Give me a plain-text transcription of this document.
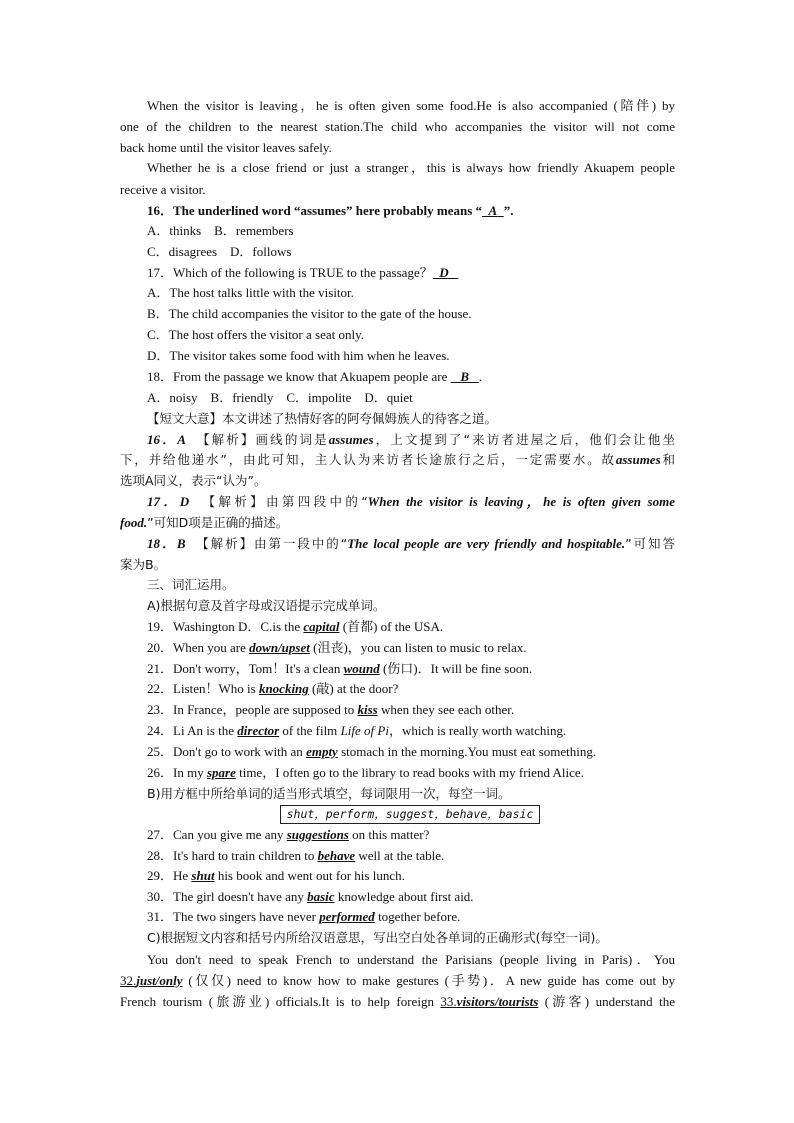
When the visitor is leaving，he is often given some food.He is also accompanied (陪伴) by
one of the children to the nearest station.The child who accompanies the visitor will not come
back home until the visitor leaves safely.
Whether he is a close friend or just a stranger，this is always how friendly Akuapem people
receive a visitor.
16．The underlined word “assumes” here probably means “ A ”.
A．thinks　B．remembers
C．disagrees　D．follows
17．Which of the following is TRUE to the passage？ D
A．The host talks little with the visitor.
B．The child accompanies the visitor to the gate of the house.
C．The host offers the visitor a seat only.
D．The visitor takes some food with him when he leaves.
18．From the passage we know that Akuapem people are B .
A．noisy　B．friendly　C．impolite　D．quiet
【短文大意】本文讲述了热情好客的阿夸佩姆族人的待客之道。
16．A　 【解析】画线的词是assumes，上文提到了“来访者进屋之后，他们会让他坐
下，并给他递水”，由此可知，主人认为来访者长途旅行之后，一定需要水。故assumes和
选项A同义，表示“认为”。
17．D　 【解析】由第四段中的“When the visitor is leaving，he is often given some
food.”可知D项是正确的描述。
18．B　 【解析】由第一段中的“The local people are very friendly and hospitable.”可知答
案为B。
三、词汇运用。
A)根据句意及首字母或汉语提示完成单词。
19．Washington D．C.is the capital (首都) of the USA.
20．When you are down/upset (沮丧)，you can listen to music to relax.
21．Don't worry，Tom！It's a clean wound (伤口)．It will be fine soon.
22．Listen！Who is knocking (敲) at the door?
23．In France，people are supposed to kiss when they see each other.
24．Li An is the director of the film Life of Pi，which is really worth watching.
25．Don't go to work with an empty stomach in the morning.You must eat something.
26．In my spare time，I often go to the library to read books with my friend Alice.
B)用方框中所给单词的适当形式填空，每词限用一次，每空一词。
shut，perform，suggest，behave，basic
27．Can you give me any suggestions on this matter?
28．It's hard to train children to behave well at the table.
29．He shut his book and went out for his lunch.
30．The girl doesn't have any basic knowledge about first aid.
31．The two singers have never performed together before.
C)根据短文内容和括号内所给汉语意思，写出空白处各单词的正确形式(每空一词)。
You don't need to speak French to understand the Parisians (people living in Paris)．You
32.just/only (仅仅) need to know how to make gestures (手势)．A new guide has come out by
French tourism (旅游业) officials.It is to help foreign 33.visitors/tourists (游客) understand the
